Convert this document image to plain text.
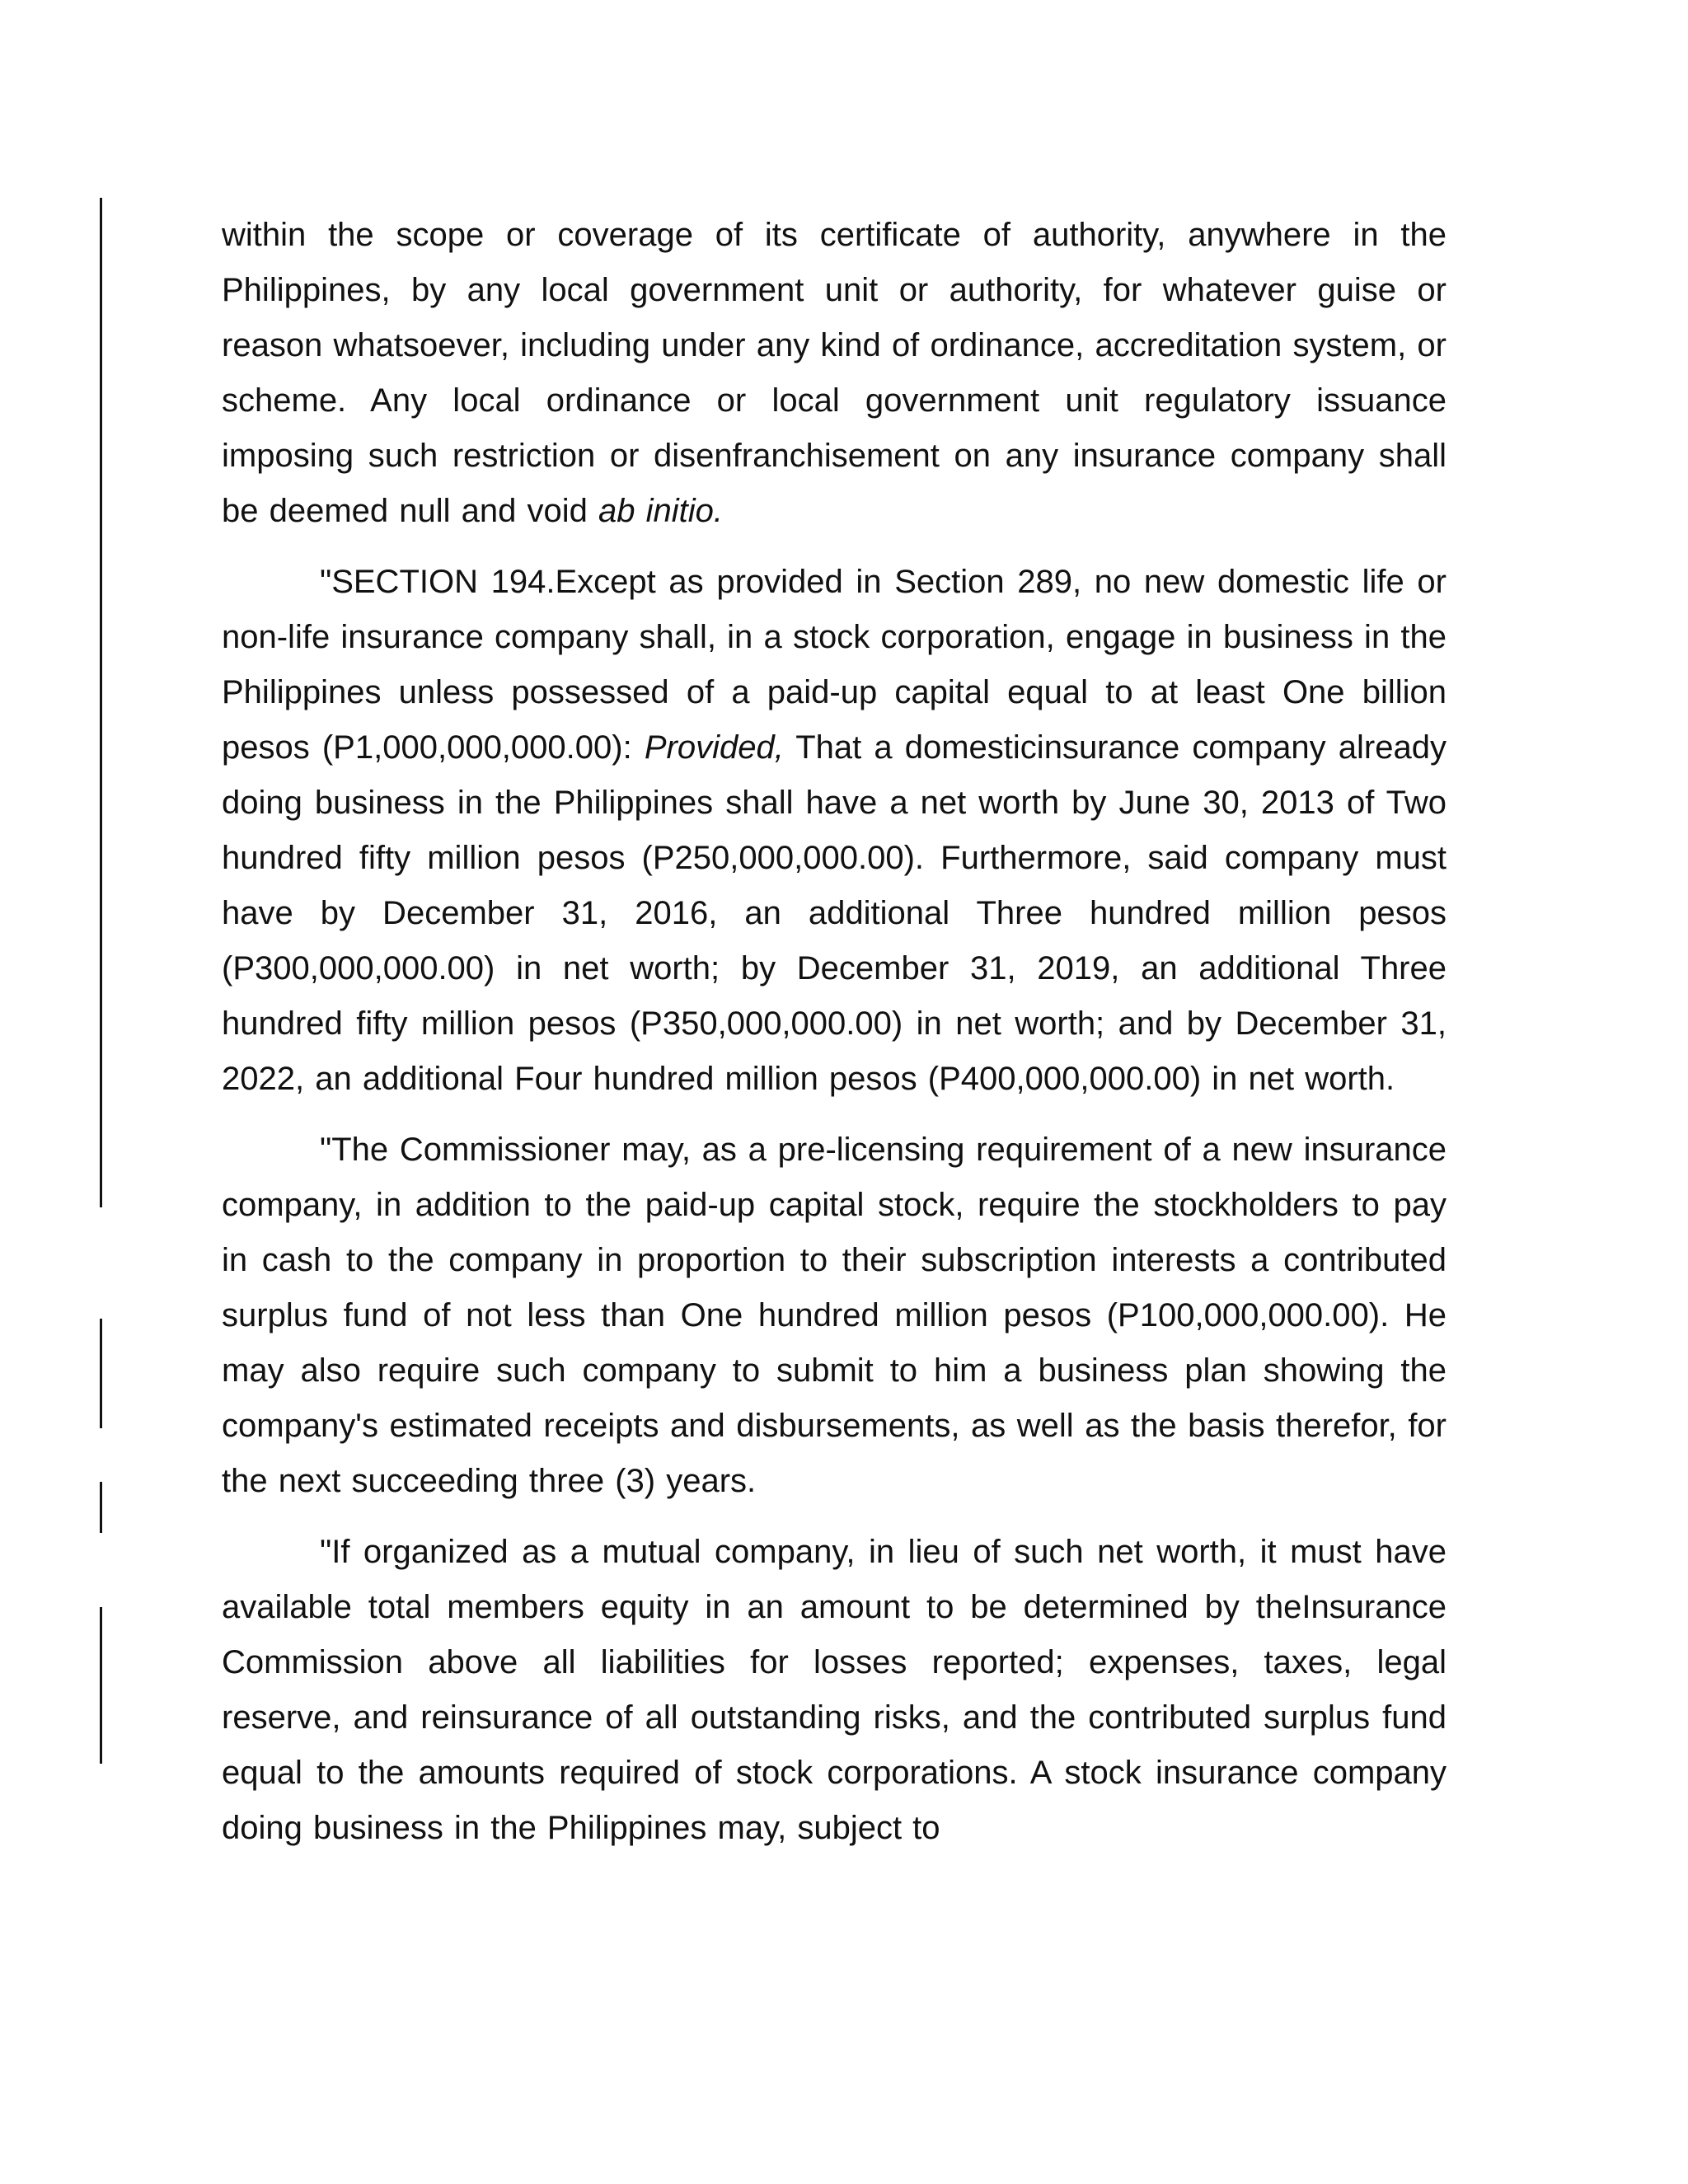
within the scope or coverage of its certificate of authority, anywhere in the Philippines, by any local government unit or authority, for whatever guise or reason whatsoever, including under any kind of ordinance, accreditation system, or scheme. Any local ordinance or local government unit regulatory issuance imposing such restriction or disenfranchisement on any insurance company shall be deemed null and void ab initio.

"SECTION 194.Except as provided in Section 289, no new domestic life or non-life insurance company shall, in a stock corporation, engage in business in the Philippines unless possessed of a paid-up capital equal to at least One billion pesos (P1,000,000,000.00): Provided, That a domesticinsurance company already doing business in the Philippines shall have a net worth by June 30, 2013 of Two hundred fifty million pesos (P250,000,000.00). Furthermore, said company must have by December 31, 2016, an additional Three hundred million pesos (P300,000,000.00) in net worth; by December 31, 2019, an additional Three hundred fifty million pesos (P350,000,000.00) in net worth; and by December 31, 2022, an additional Four hundred million pesos (P400,000,000.00) in net worth.

"The Commissioner may, as a pre-licensing requirement of a new insurance company, in addition to the paid-up capital stock, require the stockholders to pay in cash to the company in proportion to their subscription interests a contributed surplus fund of not less than One hundred million pesos (P100,000,000.00). He may also require such company to submit to him a business plan showing the company's estimated receipts and disbursements, as well as the basis therefor, for the next succeeding three (3) years.

"If organized as a mutual company, in lieu of such net worth, it must have available total members equity in an amount to be determined by theInsurance Commission above all liabilities for losses reported; expenses, taxes, legal reserve, and reinsurance of all outstanding risks, and the contributed surplus fund equal to the amounts required of stock corporations. A stock insurance company doing business in the Philippines may, subject to
